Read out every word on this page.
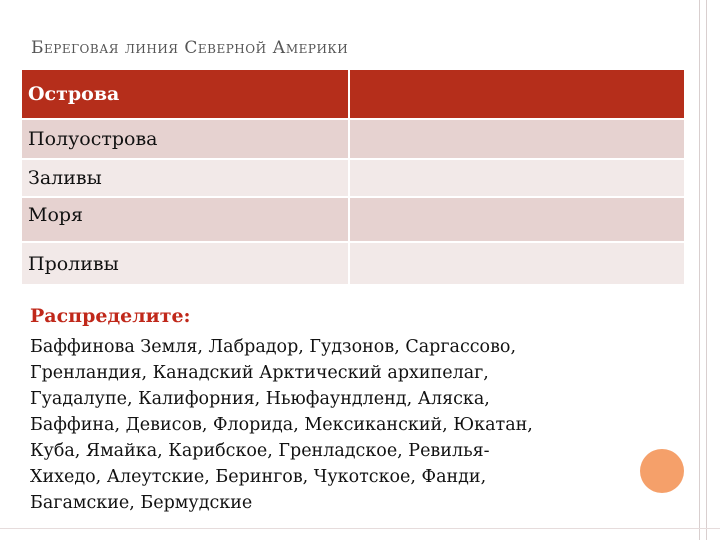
Береговая линия Северной Америки
Острова
Полуострова
Заливы
Моря
Проливы
Распределите:
Баффинова Земля, Лабрадор, Гудзонов, Саргассово,
Гренландия, Канадский Арктический архипелаг,
Гуадалупе, Калифорния, Ньюфаундленд, Аляска,
Баффина, Девисов, Флорида, Мексиканский, Юкатан,
Куба, Ямайка, Карибское, Гренладское, Ревилья-
Хихедо, Алеутские, Берингов, Чукотское, Фанди,
Багамские, Бермудские
